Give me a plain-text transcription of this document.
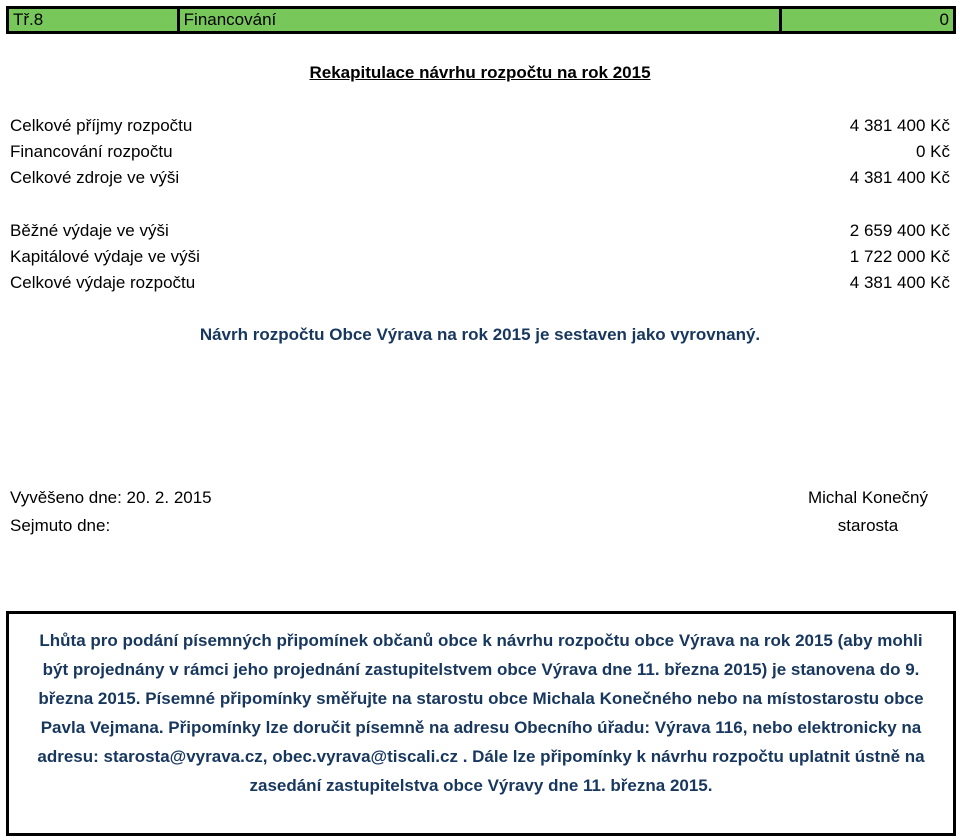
Tř.8	Financování	0
Rekapitulace návrhu rozpočtu na rok 2015
Celkové příjmy rozpočtu	4 381 400 Kč
Financování rozpočtu	0 Kč
Celkové zdroje ve výši	4 381 400 Kč
Běžné výdaje ve výši	2 659 400 Kč
Kapitálové výdaje ve výši	1 722 000 Kč
Celkové výdaje rozpočtu	4 381 400 Kč
Návrh rozpočtu Obce Výrava na rok 2015 je sestaven jako vyrovnaný.
Vyvěšeno dne: 20. 2. 2015
Sejmuto dne:
Michal Konečný
starosta
Lhůta pro podání písemných připomínek občanů obce k návrhu rozpočtu obce Výrava na rok 2015 (aby mohli být projednány v rámci jeho projednání zastupitelstvem obce Výrava dne 11. března 2015) je stanovena do 9. března 2015. Písemné připomínky směřujte na starostu obce Michala Konečného nebo na místostarostu obce Pavla Vejmana. Připomínky lze doručit písemně na adresu Obecního úřadu: Výrava 116, nebo elektronicky na adresu: starosta@vyrava.cz, obec.vyrava@tiscali.cz . Dále lze připomínky k návrhu rozpočtu uplatnit ústně na zasedání zastupitelstva obce Výravy dne 11. března 2015.
